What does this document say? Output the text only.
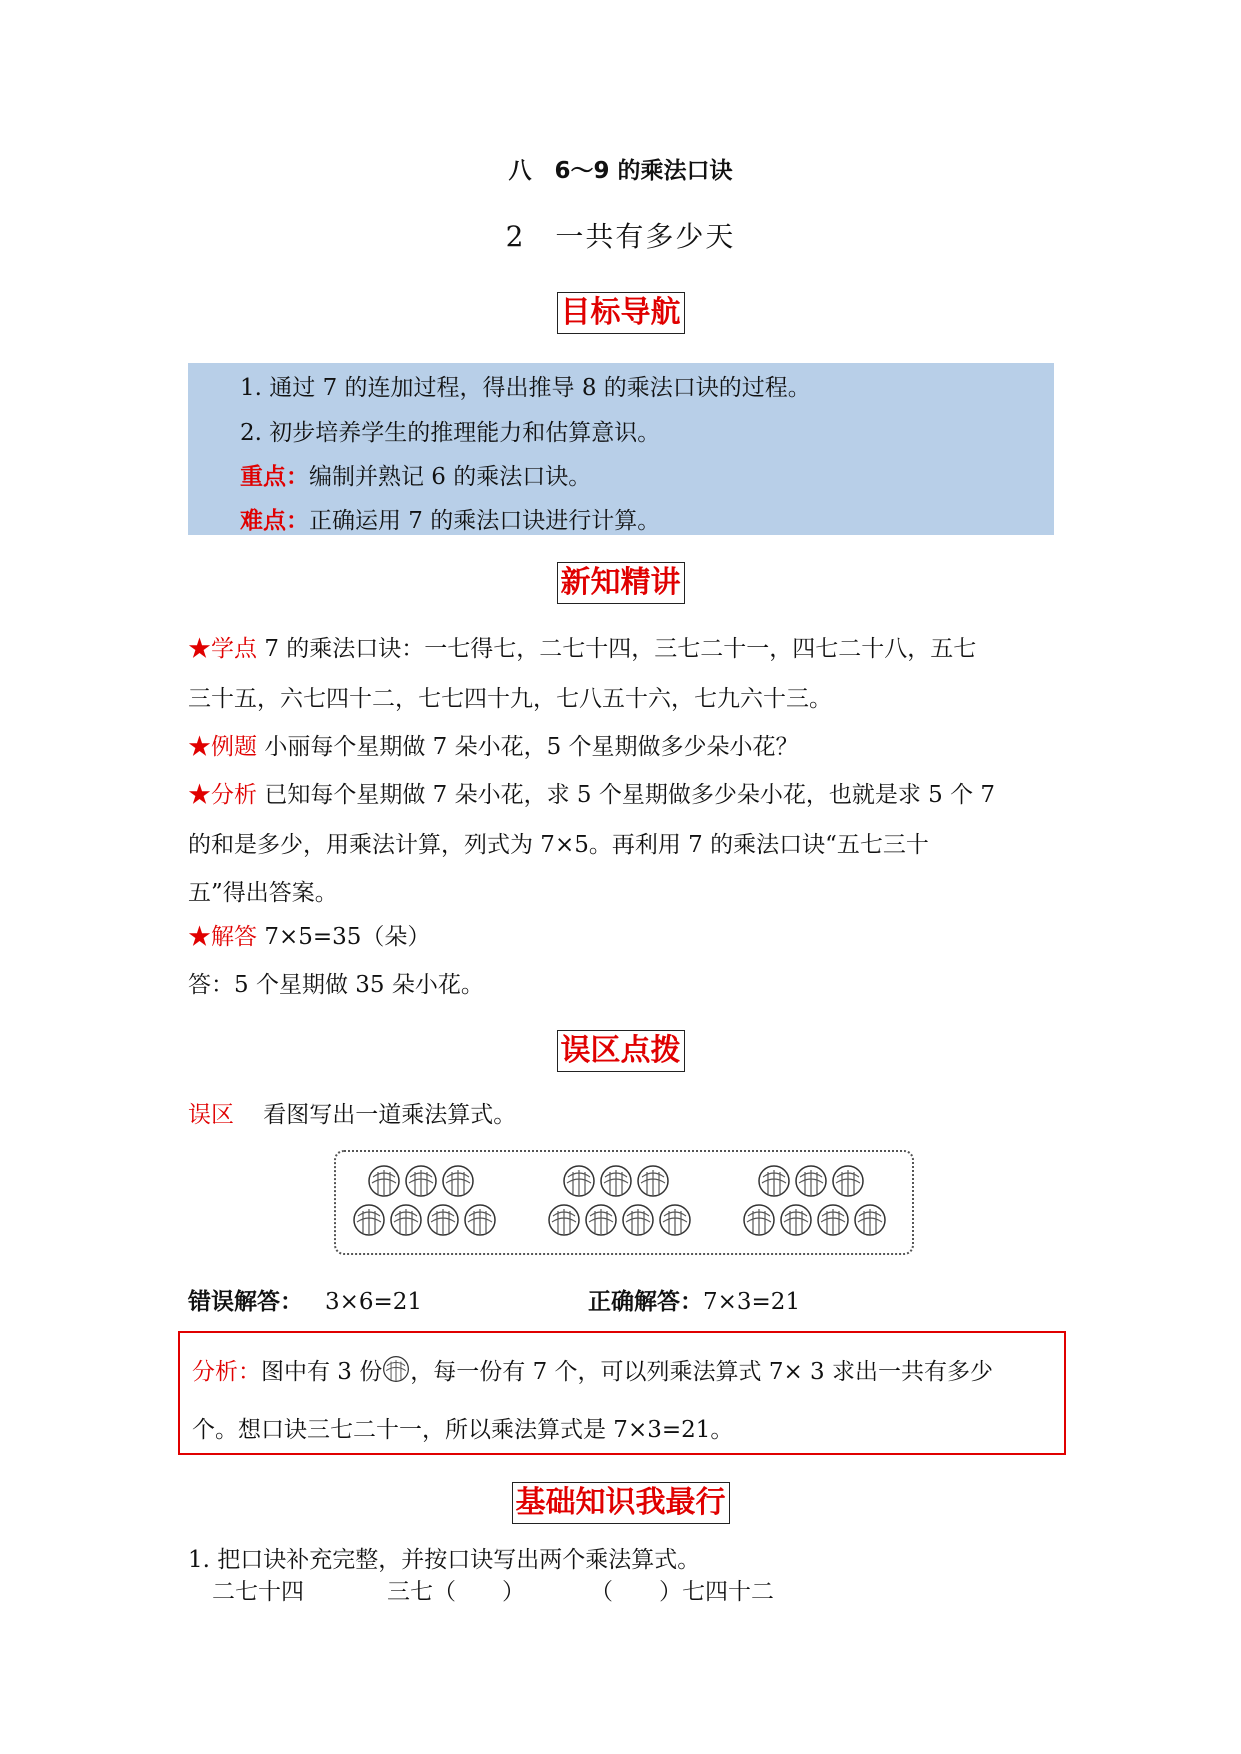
八　6～9 的乘法口诀
2　一共有多少天
目标导航
1. 通过 7 的连加过程，得出推导 8 的乘法口诀的过程。
2. 初步培养学生的推理能力和估算意识。
重点：编制并熟记 6 的乘法口诀。
难点：正确运用 7 的乘法口诀进行计算。
新知精讲
★学点 7 的乘法口诀：一七得七，二七十四，三七二十一，四七二十八，五七
三十五，六七四十二，七七四十九，七八五十六，七九六十三。
★例题 小丽每个星期做 7 朵小花，5 个星期做多少朵小花？
★分析 已知每个星期做 7 朵小花，求 5 个星期做多少朵小花，也就是求 5 个 7
的和是多少，用乘法计算，列式为 7×5。再利用 7 的乘法口诀“五七三十
五”得出答案。
★解答 7×5=35（朵）
答：5 个星期做 35 朵小花。
误区点拨
误区 看图写出一道乘法算式。
错误解答： 3×6=21	正确解答：7×3=21
分析：图中有 3 份 ，每一份有 7 个，可以列乘法算式 7× 3 求出一共有多少
个。想口诀三七二十一，所以乘法算式是 7×3=21。
基础知识我最行
1. 把口诀补充完整，并按口诀写出两个乘法算式。
二七十四	三七（　　）	（　　）七四十二
